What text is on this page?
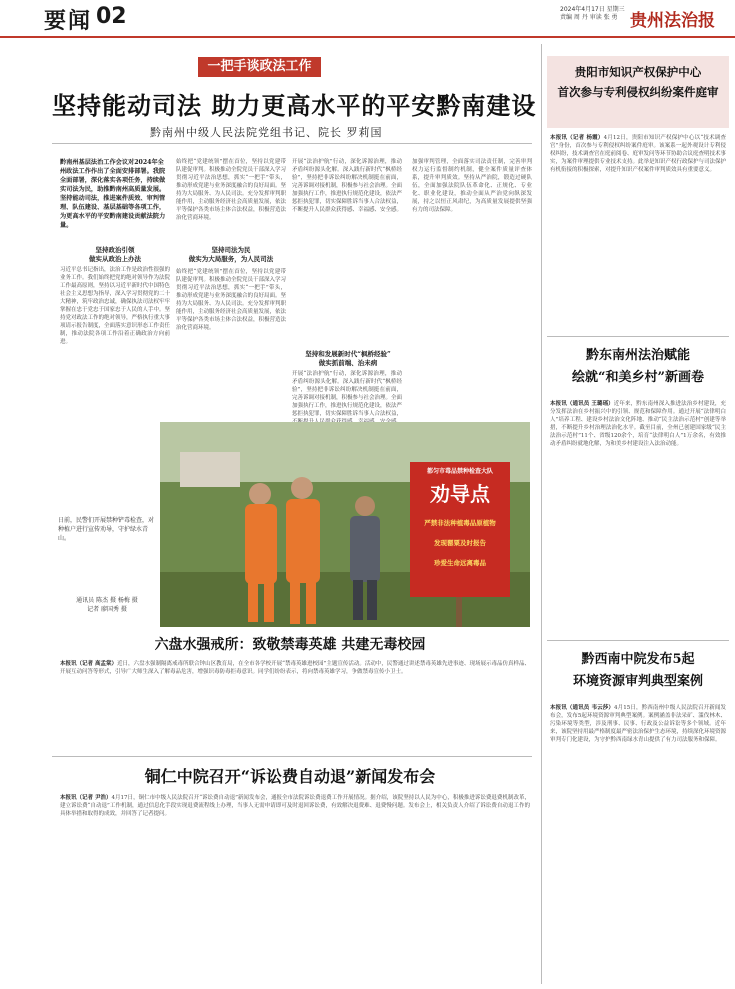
要闻 02	2024年4月17日 星期三
责编 周 丹 审读 张 勇 贵州法治报
一把手谈政法工作
坚持能动司法 助力更高水平的平安黔南建设
黔南州中级人民法院党组书记、院长 罗莉国
黔南州基层法治工作会议对2024年全州政法工作作出了全面安排部署。我院全面部署，深化落实各项任务，持续做实司法为民，助推黔南州高质量发展。坚持能动司法，推进案件质效、审判管理、队伍建设、基层基础等各项工作，为更高水平的平安黔南建设贡献法院力量。
坚持政治引领
做实从政治上办法
习近平总书记指出，法治工作是政治性很强的业务工作。我们始终把党的绝对领导作为法院工作最高原则，坚持以习近平新时代中国特色社会主义思想为指导，深入学习贯彻党的二十大精神，筑牢政治忠诚，确保执法司法权牢牢掌握在忠于党忠于国家忠于人民的人手中。坚持党对政法工作的绝对领导，严格执行重大事项请示报告制度，全面落实意识形态工作责任制，推动法院各项工作沿着正确政治方向前进。
始终把“党建统领”摆在首位，坚持以党建带队建促审判。积极推动全院党员干部深入学习贯彻习近平法治思想，抓实“一把手”带头，推动形成党建与业务深度融合的良好局面。坚持为大局服务、为人民司法。充分发挥审判职能作用，主动服务经济社会高质量发展，依法平等保护各类市场主体合法权益，积极营造法治化营商环境。
坚持司法为民
做实为大局服务，为人民司法
始终把“党建统领”摆在首位，坚持以党建带队建促审判。积极推动全院党员干部深入学习贯彻习近平法治思想，抓实“一把手”带头，推动形成党建与业务深度融合的良好局面。坚持为大局服务、为人民司法。充分发挥审判职能作用，主动服务经济社会高质量发展，依法平等保护各类市场主体合法权益，积极营造法治化营商环境。
开展“法治护航”行动，深化诉源治理，推动矛盾纠纷源头化解。深入践行新时代“枫桥经验”，坚持把非诉讼纠纷解决机制挺在前面，完善诉调对接机制，积极参与社会治理。全面加强执行工作，推进执行规范化建设，依法严惩拒执犯罪，切实保障胜诉当事人合法权益，不断提升人民群众获得感、幸福感、安全感。
坚持和发展新时代“枫桥经验”
做实抓前端、治未病
开展“法治护航”行动，深化诉源治理，推动矛盾纠纷源头化解。深入践行新时代“枫桥经验”，坚持把非诉讼纠纷解决机制挺在前面，完善诉调对接机制，积极参与社会治理。全面加强执行工作，推进执行规范化建设，依法严惩拒执犯罪，切实保障胜诉当事人合法权益，
加强审判管理，全面落实司法责任制，完善审判权力运行监督制约机制，健全案件质量评查体系，提升审判质效。坚持从严治院，锻造过硬队伍，全面加强法院队伍革命化、正规化、专业化、职业化建设，推动全面从严治党向纵深发展，持之以恒正风肃纪，为高质量发展提供坚强有力的司法保障。
都匀市毒品禁种检查大队
劝导点
严禁非法种植毒品原植物
发现罂粟及时报告
珍爱生命远离毒品
日前，民警们开展禁种铲毒检查，对种植户进行宣传劝导，守护绿水青山。
通讯员 陈杰 摄 杨梅 摄
记者 廖国秀 摄
六盘水强戒所：致敬禁毒英雄 共建无毒校园
本报讯（记者 高孟棠）近日，六盘水强制隔离戒毒所联合钟山区教育局，在全市各学校开展“禁毒英雄进校园”主题宣传活动。活动中，民警通过讲述禁毒英雄先进事迹、现场展示毒品仿真样品、开展互动问答等形式，引导广大师生深入了解毒品危害，增强识毒防毒拒毒意识。同学们纷纷表示，将向禁毒英雄学习，争做禁毒宣传小卫士。
铜仁中院召开“诉讼费自动退”新闻发布会
本报讯（记者 尹浩）4月17日，铜仁市中级人民法院召开“诉讼费自动退”新闻发布会，通报全市法院诉讼费退费工作开展情况。据介绍，该院坚持以人民为中心，积极推进诉讼费退费机制改革，建立诉讼费“自动退”工作机制，通过信息化手段实现退费流程线上办理，当事人无需申请即可及时退回诉讼费，有效解决退费难、退费慢问题。发布会上，相关负责人介绍了诉讼费自动退工作的具体举措和取得的成效，并回答了记者提问。
贵阳市知识产权保护中心
首次参与专利侵权纠纷案件庭审
本报讯（记者 杨霞）4月12日，贵阳市知识产权保护中心以“技术调查官”身份，首次参与专利侵权纠纷案件庭审。该案系一起外观设计专利侵权纠纷，技术调查官在庭前阅卷、庭审发问等环节协助合议庭查明技术事实，为案件审理提供专业技术支持。此举是知识产权行政保护与司法保护有机衔接的积极探索，对提升知识产权案件审判质效具有重要意义。
黔东南州法治赋能
绘就“和美乡村”新画卷
本报讯（通讯员 王璐瑶）近年来，黔东南州深入推进法治乡村建设，充分发挥法治在乡村振兴中的引领、规范和保障作用。通过开展“法律明白人”培养工程、建设乡村法治文化阵地、推动“民主法治示范村”创建等举措，不断提升乡村治理法治化水平。截至目前，全州已创建国家级“民主法治示范村”11个、省级120余个，培育“法律明白人”1万余名，有效推动矛盾纠纷就地化解，为和美乡村建设注入法治动能。
黔西南中院发布5起
环境资源审判典型案例
本报讯（通讯员 韦云莎）4月15日，黔西南州中级人民法院召开新闻发布会，发布5起环境资源审判典型案例。案例涵盖非法采矿、滥伐林木、污染环境等类型，涉及刑事、民事、行政及公益诉讼等多个领域。近年来，该院坚持用最严格制度最严密法治保护生态环境，持续深化环境资源审判专门化建设，为守护黔西南绿水青山提供了有力司法服务和保障。
